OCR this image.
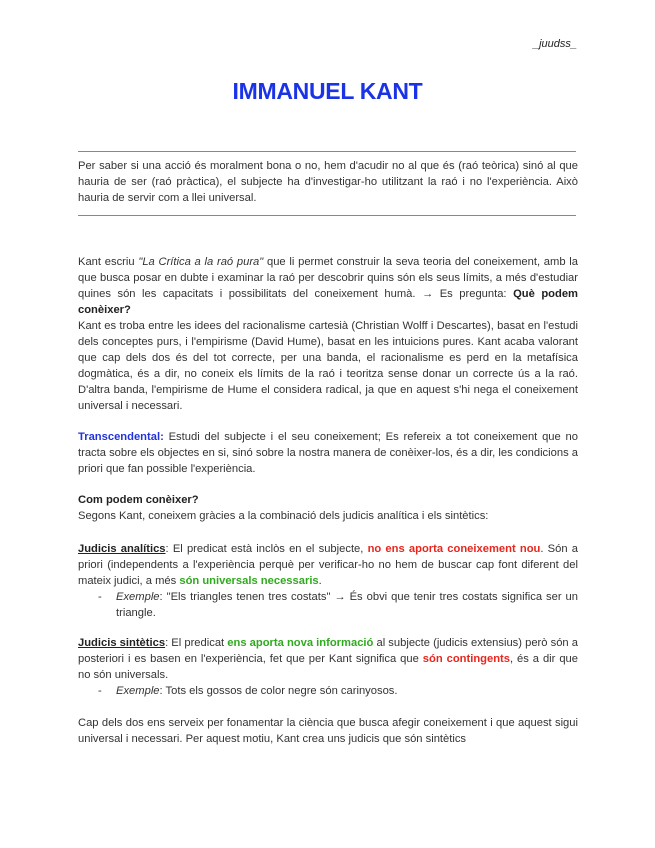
_juudss_
IMMANUEL KANT

Per saber si una acció és moralment bona o no, hem d'acudir no al que és (raó teòrica) sinó al que hauria de ser (raó pràctica), el subjecte ha d'investigar-ho utilitzant la raó i no l'experiència. Això hauria de servir com a llei universal.

Kant escriu "La Crítica a la raó pura" que li permet construir la seva teoria del coneixement, amb la que busca posar en dubte i examinar la raó per descobrir quins són els seus límits, a més d'estudiar quines són les capacitats i possibilitats del coneixement humà. → Es pregunta: Què podem conèixer?

Kant es troba entre les idees del racionalisme cartesià (Christian Wolff i Descartes), basat en l'estudi dels conceptes purs, i l'empirisme (David Hume), basat en les intuicions pures. Kant acaba valorant que cap dels dos és del tot correcte, per una banda, el racionalisme es perd en la metafísica dogmàtica, és a dir, no coneix els límits de la raó i teoritza sense donar un correcte ús a la raó. D'altra banda, l'empirisme de Hume el considera radical, ja que en aquest s'hi nega el coneixement universal i necessari.

Transcendental: Estudi del subjecte i el seu coneixement; Es refereix a tot coneixement que no tracta sobre els objectes en si, sinó sobre la nostra manera de conèixer-los, és a dir, les condicions a priori que fan possible l'experiència.

Com podem conèixer?

Segons Kant, coneixem gràcies a la combinació dels judicis analítica i els sintètics:

Judicis analítics: El predicat està inclòs en el subjecte, no ens aporta coneixement nou. Són a priori (independents a l'experiència perquè per verificar-ho no hem de buscar cap font diferent del mateix judici, a més són universals necessaris.

- Exemple: "Els triangles tenen tres costats" → És obvi que tenir tres costats significa ser un triangle.

Judicis sintètics: El predicat ens aporta nova informació al subjecte (judicis extensius) però són a posteriori i es basen en l'experiència, fet que per Kant significa que són contingents, és a dir que no són universals.

- Exemple: Tots els gossos de color negre són carinyosos.

Cap dels dos ens serveix per fonamentar la ciència que busca afegir coneixement i que aquest sigui universal i necessari. Per aquest motiu, Kant crea uns judicis que són sintètics
